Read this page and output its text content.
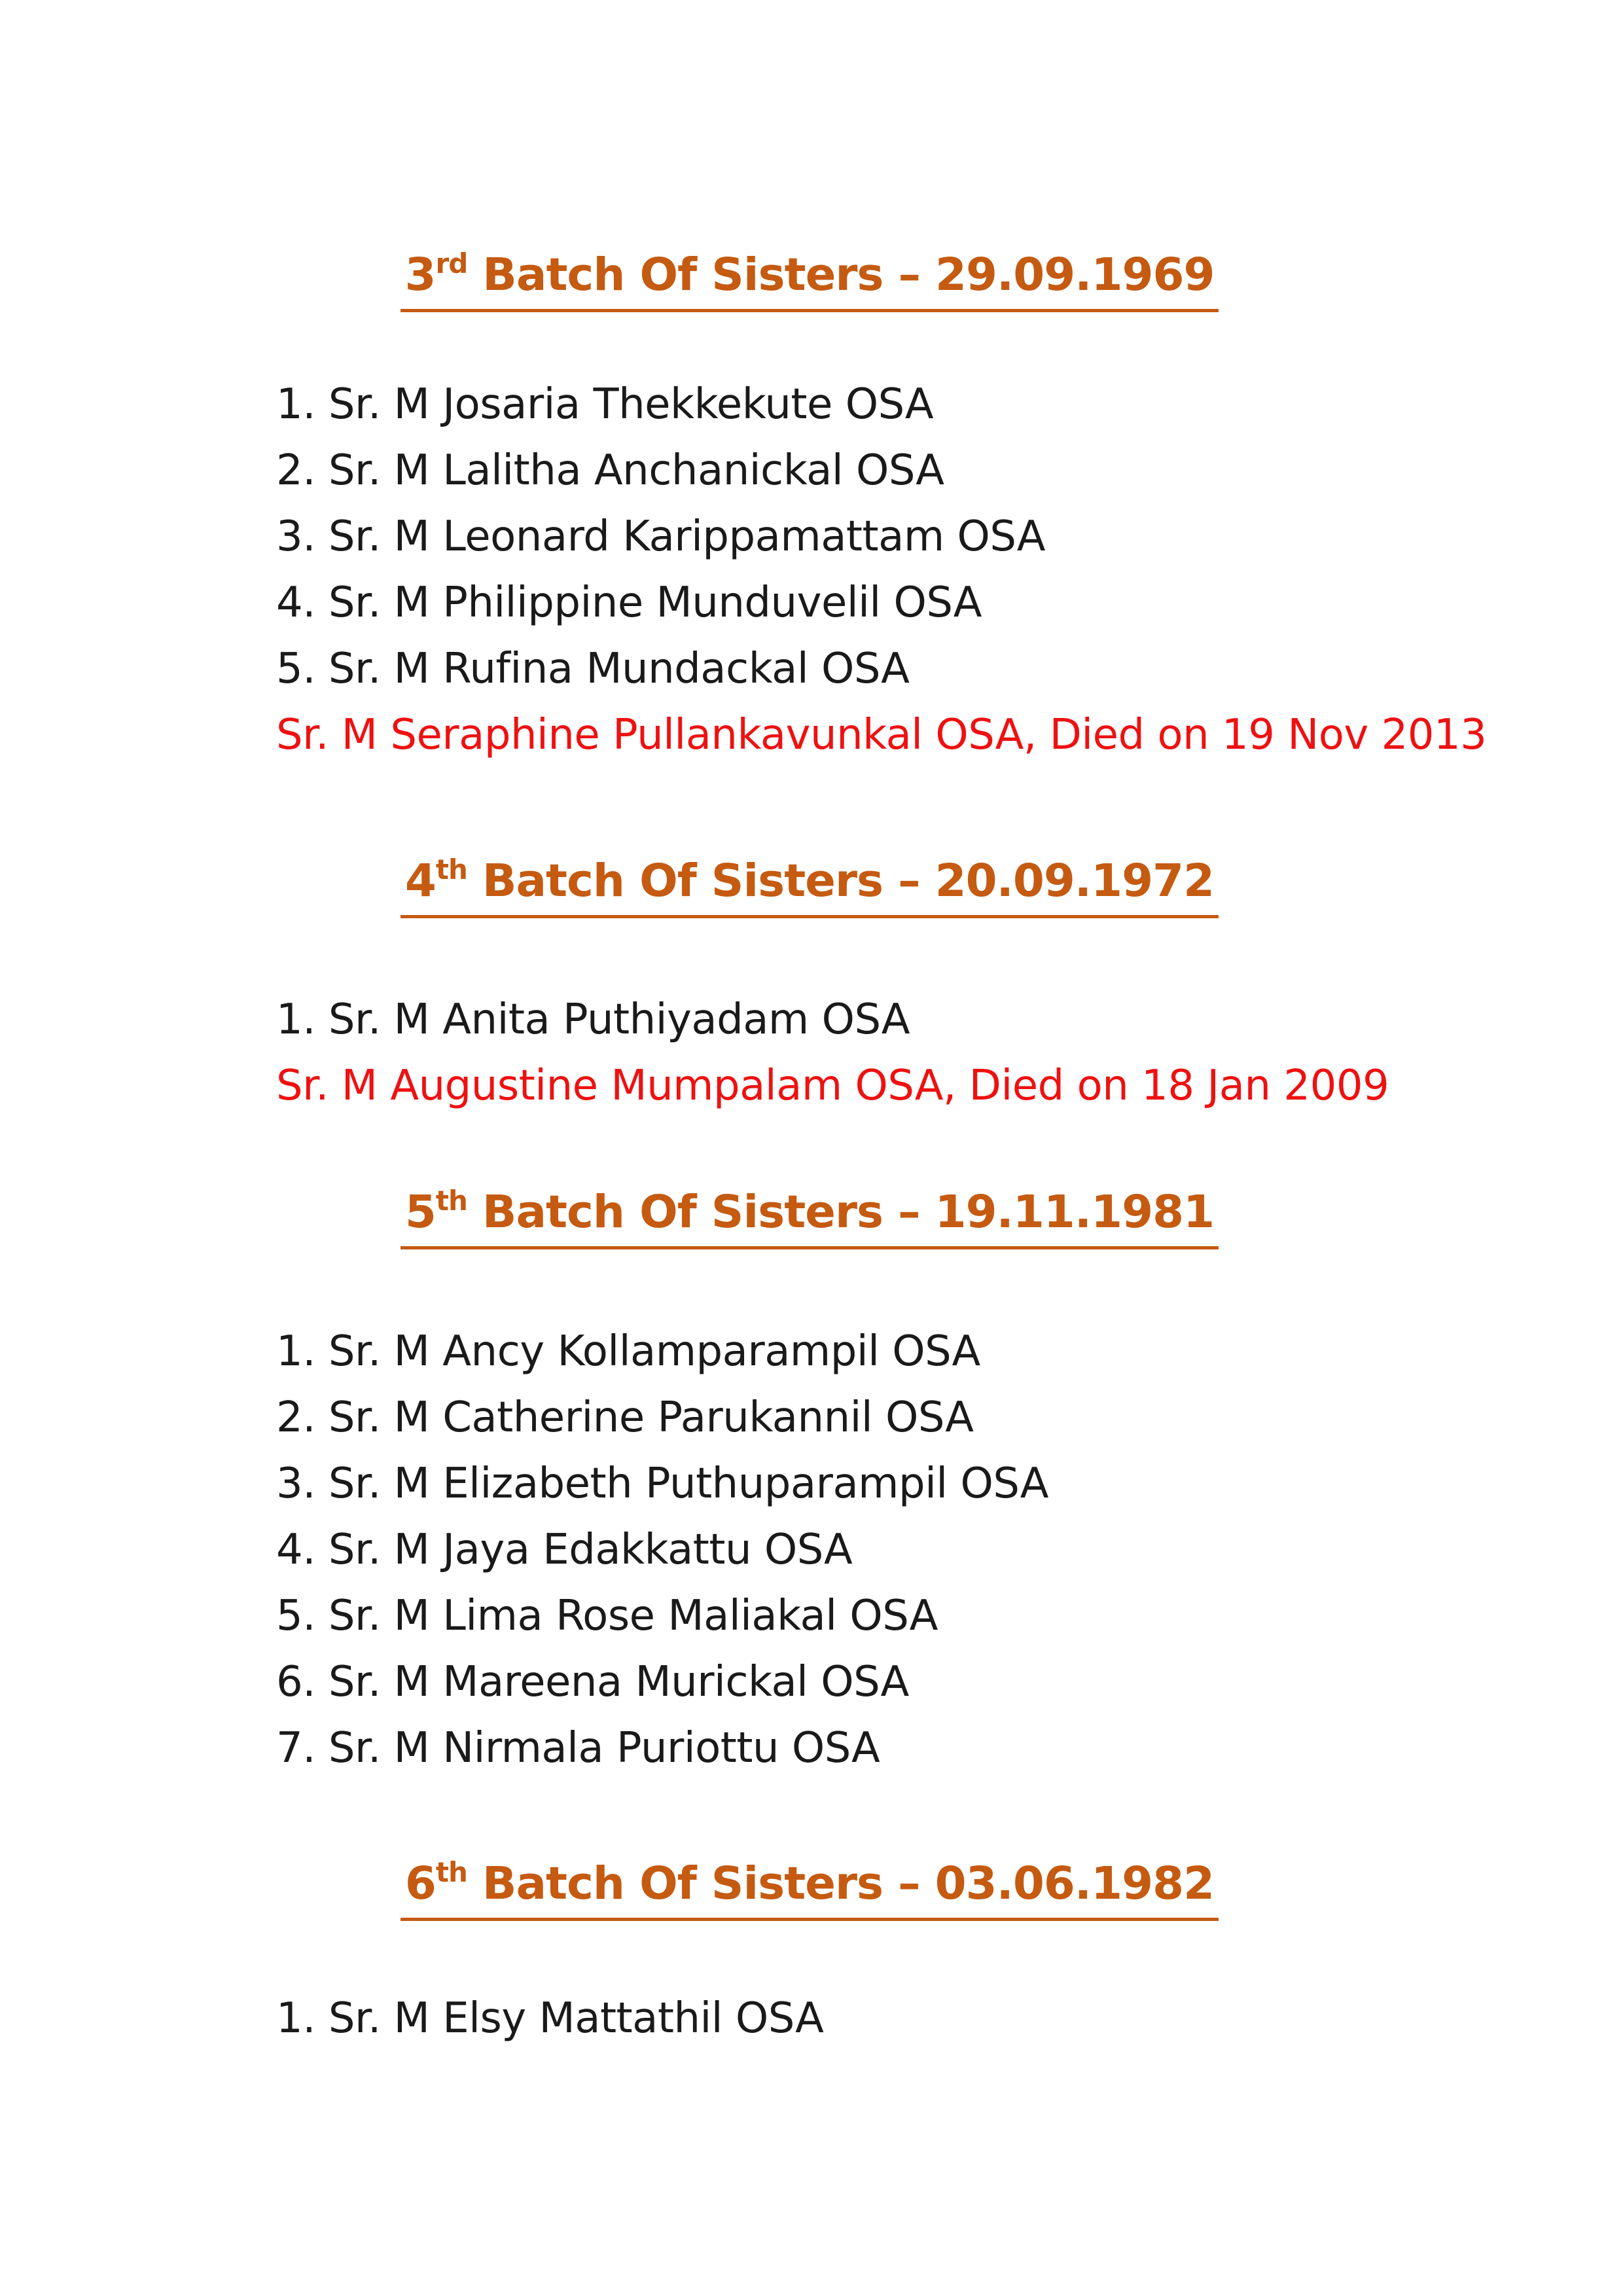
3rd Batch Of Sisters – 29.09.1969
1. Sr. M Josaria Thekkekute OSA
2. Sr. M Lalitha Anchanickal OSA
3. Sr. M Leonard Karippamattam OSA
4. Sr. M Philippine Munduvelil OSA
5. Sr. M Rufina Mundackal OSA
Sr. M Seraphine Pullankavunkal OSA, Died on 19 Nov 2013
4th Batch Of Sisters – 20.09.1972
1. Sr. M Anita Puthiyadam OSA
Sr. M Augustine Mumpalam OSA, Died on 18 Jan 2009
5th Batch Of Sisters – 19.11.1981
1. Sr. M Ancy Kollamparampil OSA
2. Sr. M Catherine Parukannil OSA
3. Sr. M Elizabeth Puthuparampil OSA
4. Sr. M Jaya Edakkattu OSA
5. Sr. M Lima Rose Maliakal OSA
6. Sr. M Mareena Murickal OSA
7. Sr. M Nirmala Puriottu OSA
6th Batch Of Sisters – 03.06.1982
1. Sr. M Elsy Mattathil OSA
